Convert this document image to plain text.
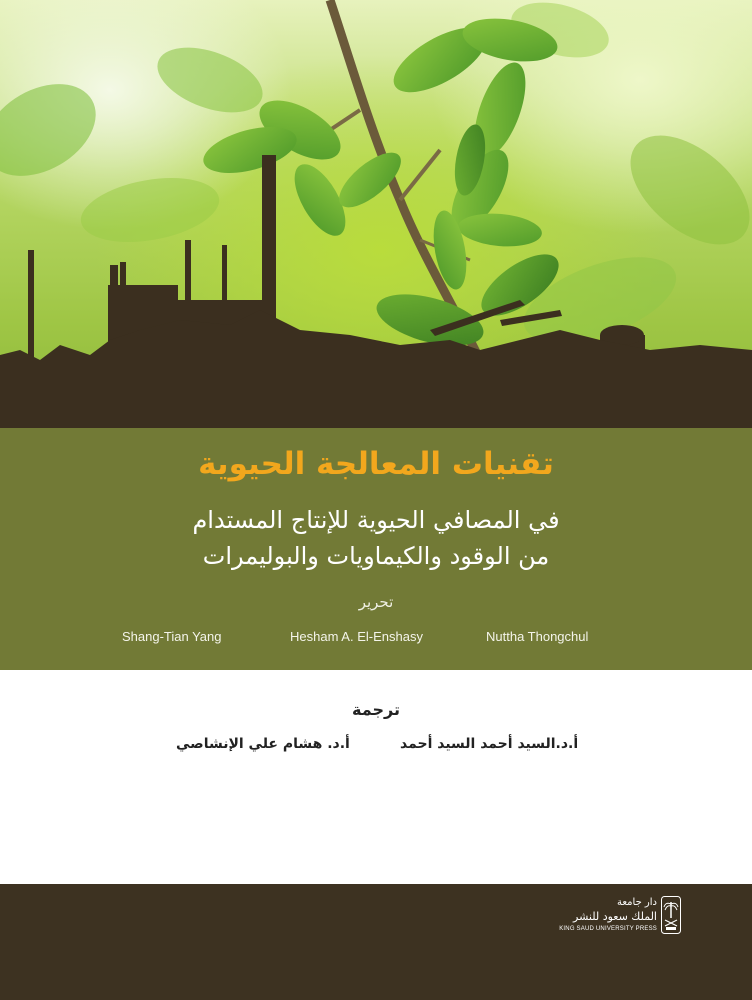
تقنيات المعالجة الحيوية
في المصافي الحيوية للإنتاج المستدام
من الوقود والكيماويات والبوليمرات
تحرير
Shang-Tian Yang	Hesham A. El-Enshasy	Nuttha Thongchul
ترجمة
أ.د.السيد أحمد السيد أحمد
أ.د. هشام علي الإنشاصي
دار جامعة
الملك سعود للنشر
KING SAUD UNIVERSITY PRESS
